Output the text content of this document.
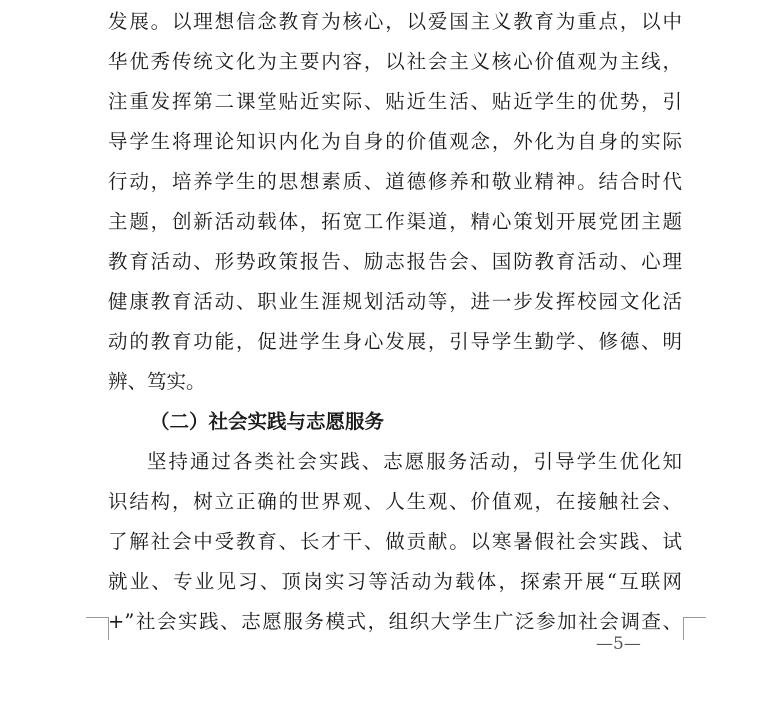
发展。以理想信念教育为核心，以爱国主义教育为重点，以中
华优秀传统文化为主要内容，以社会主义核心价值观为主线，
注重发挥第二课堂贴近实际、贴近生活、贴近学生的优势，引
导学生将理论知识内化为自身的价值观念，外化为自身的实际
行动，培养学生的思想素质、道德修养和敬业精神。结合时代
主题，创新活动载体，拓宽工作渠道，精心策划开展党团主题
教育活动、形势政策报告、励志报告会、国防教育活动、心理
健康教育活动、职业生涯规划活动等，进一步发挥校园文化活
动的教育功能，促进学生身心发展，引导学生勤学、修德、明
辨、笃实。
（二）社会实践与志愿服务
坚持通过各类社会实践、志愿服务活动，引导学生优化知
识结构，树立正确的世界观、人生观、价值观，在接触社会、
了解社会中受教育、长才干、做贡献。以寒暑假社会实践、试
就业、专业见习、顶岗实习等活动为载体，探索开展“互联网
+”社会实践、志愿服务模式，组织大学生广泛参加社会调查、
—5—
